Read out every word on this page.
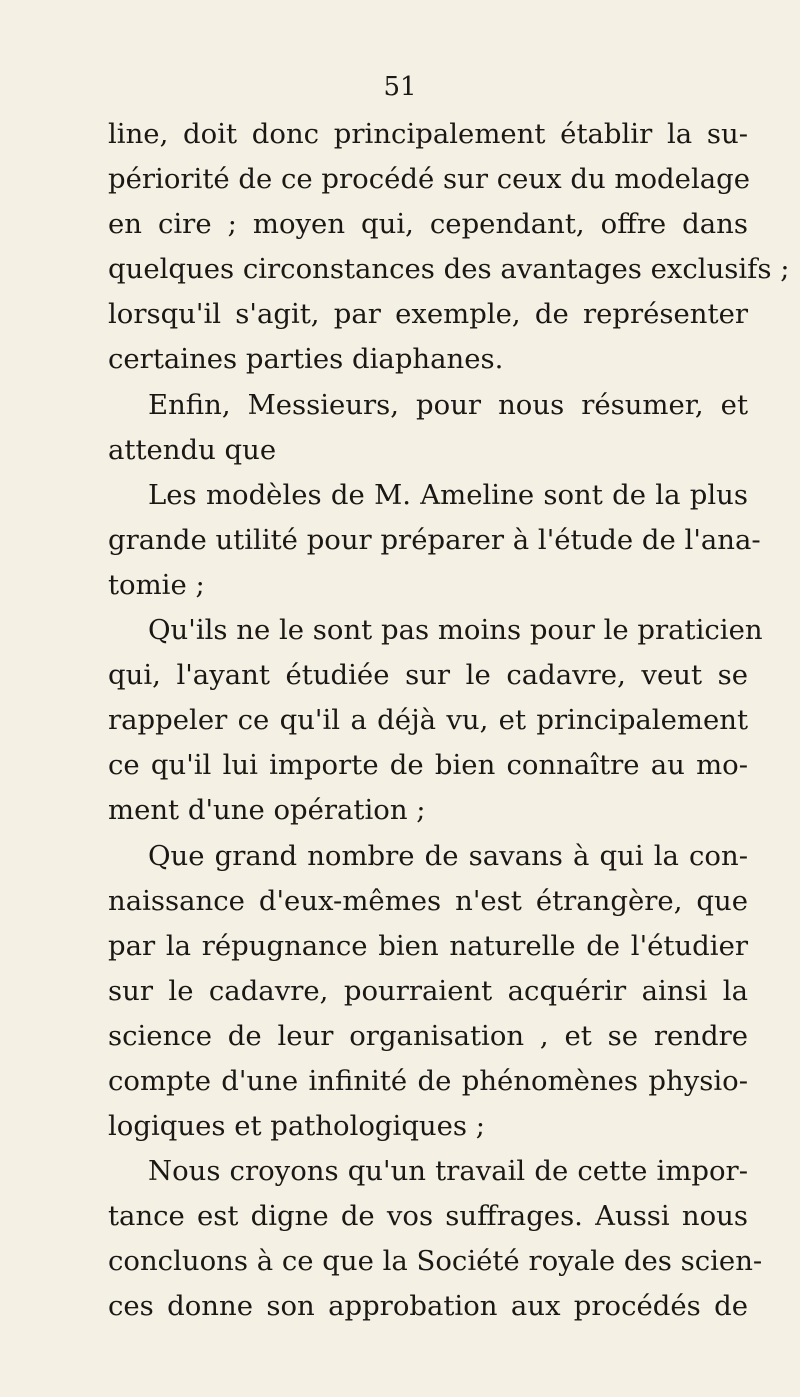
51
line, doit donc principalement établir la su-
périorité de ce procédé sur ceux du modelage
en cire ; moyen qui, cependant, offre dans
quelques circonstances des avantages exclusifs ;
lorsqu'il s'agit, par exemple, de représenter
certaines parties diaphanes.
Enfin, Messieurs, pour nous résumer, et
attendu que
Les modèles de M. Ameline sont de la plus
grande utilité pour préparer à l'étude de l'ana-
tomie ;
Qu'ils ne le sont pas moins pour le praticien
qui, l'ayant étudiée sur le cadavre, veut se
rappeler ce qu'il a déjà vu, et principalement
ce qu'il lui importe de bien connaître au mo-
ment d'une opération ;
Que grand nombre de savans à qui la con-
naissance d'eux-mêmes n'est étrangère, que
par la répugnance bien naturelle de l'étudier
sur le cadavre, pourraient acquérir ainsi la
science de leur organisation , et se rendre
compte d'une infinité de phénomènes physio-
logiques et pathologiques ;
Nous croyons qu'un travail de cette impor-
tance est digne de vos suffrages. Aussi nous
concluons à ce que la Société royale des scien-
ces donne son approbation aux procédés de
